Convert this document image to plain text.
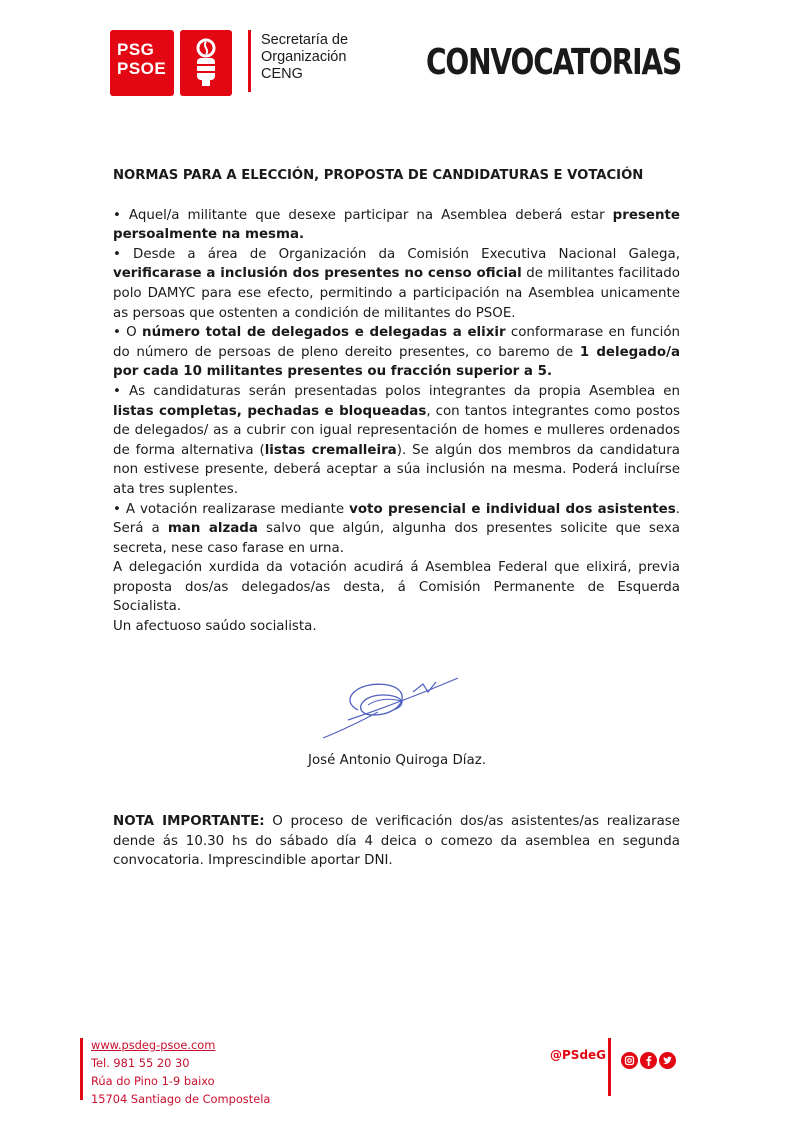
PSG
PSOE
Secretaría de
Organización
CENG	CONVOCATORIAS
NORMAS PARA A ELECCIÓN, PROPOSTA DE CANDIDATURAS E VOTACIÓN

• Aquel/a militante que desexe participar na Asemblea deberá estar presente persoalmente na mesma.

• Desde a área de Organización da Comisión Executiva Nacional Galega, verificarase a inclusión dos presentes no censo oficial de militantes facilitado polo DAMYC para ese efecto, permitindo a participación na Asemblea unicamente as persoas que ostenten a condición de militantes do PSOE.

• O número total de delegados e delegadas a elixir conformarase en función do número de persoas de pleno dereito presentes, co baremo de 1 delegado/a por cada 10 militantes presentes ou fracción superior a 5.

• As candidaturas serán presentadas polos integrantes da propia Asemblea en listas completas, pechadas e bloqueadas, con tantos integrantes como postos de delegados/ as a cubrir con igual representación de homes e mulleres ordenados de forma alternativa (listas cremalleira). Se algún dos membros da candidatura non estivese presente, deberá aceptar a súa inclusión na mesma. Poderá incluírse ata tres suplentes.

• A votación realizarase mediante voto presencial e individual dos asistentes. Será a man alzada salvo que algún, algunha dos presentes solicite que sexa secreta, nese caso farase en urna.

A delegación xurdida da votación acudirá á Asemblea Federal que elixirá, previa proposta dos/as delegados/as desta, á Comisión Permanente de Esquerda Socialista.

Un afectuoso saúdo socialista.

José Antonio Quiroga Díaz.
NOTA IMPORTANTE: O proceso de verificación dos/as asistentes/as realizarase dende ás 10.30 hs do sábado día 4 deica o comezo da asemblea en segunda convocatoria. Imprescindible aportar DNI.
www.psdeg-psoe.com
Tel. 981 55 20 30
Rúa do Pino 1-9 baixo
15704 Santiago de Compostela
@PSdeG
